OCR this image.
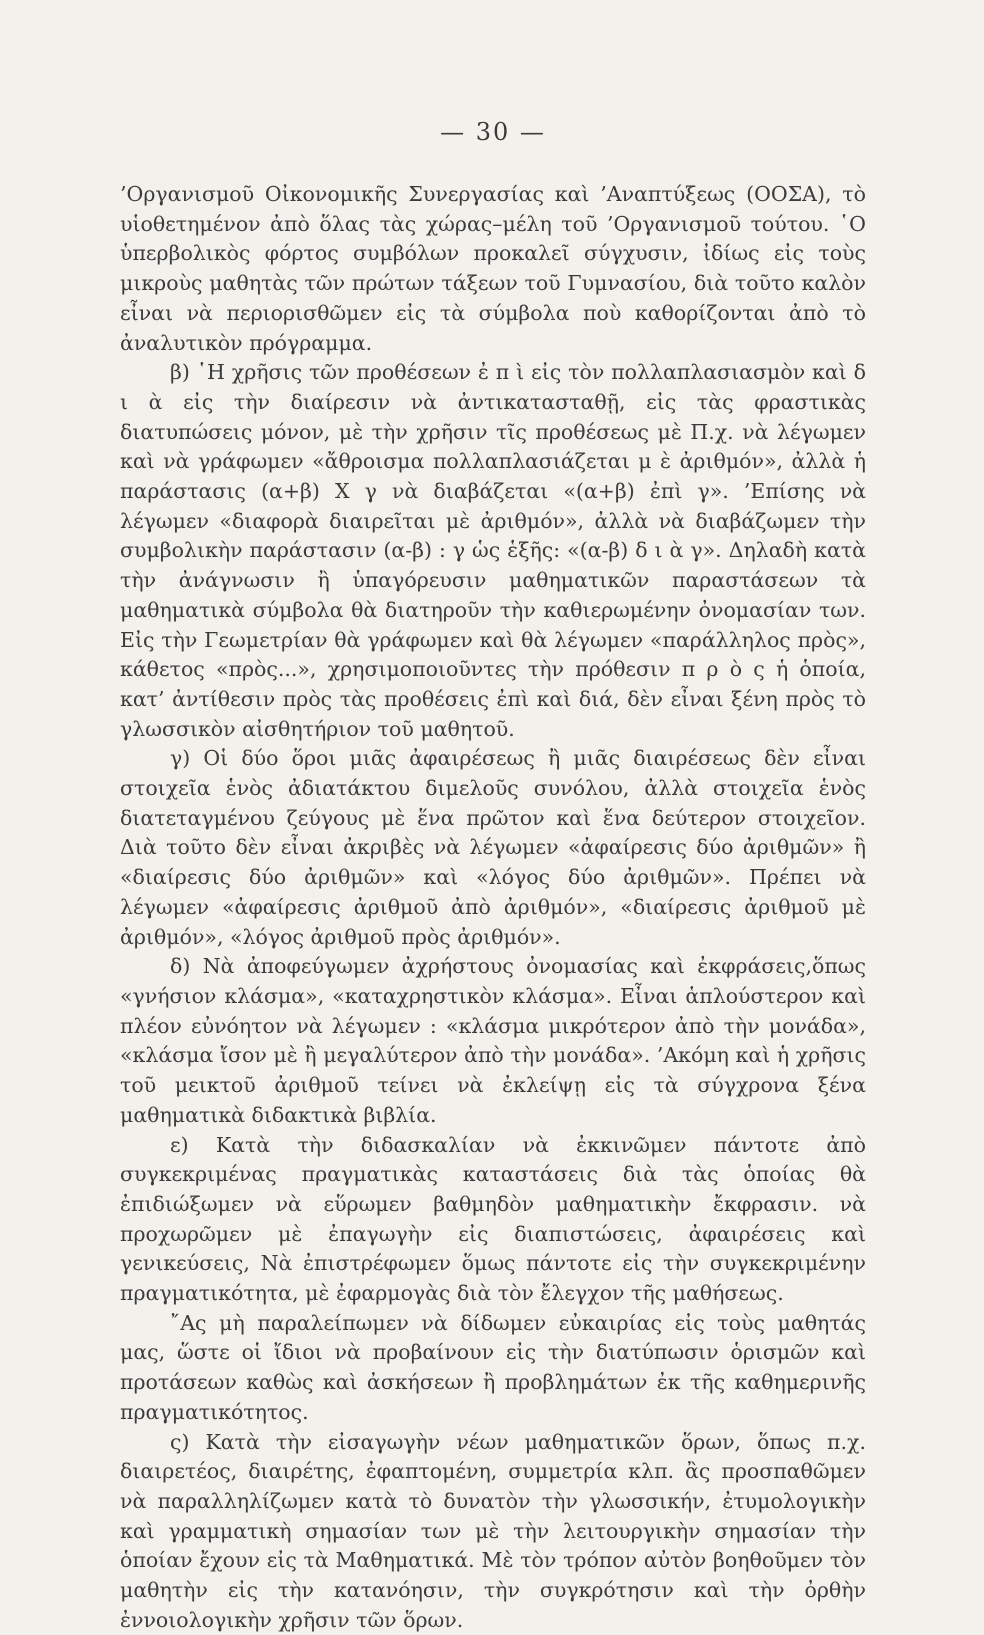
— 30 —

’Οργανισμοῦ Οἰκονομικῆς Συνεργασίας καὶ ’Αναπτύξεως (ΟΟΣΑ), τὸ υἱοθετημένον ἀπὸ ὅλας τὰς χώρας–μέλη τοῦ ’Οργανισμοῦ τούτου. ῾Ο ὑπερβολικὸς φόρτος συμβόλων προκαλεῖ σύγχυσιν, ἰδίως εἰς τοὺς μικροὺς μαθητὰς τῶν πρώτων τάξεων τοῦ Γυμνασίου, διὰ τοῦτο καλὸν εἶναι νὰ περιορισθῶμεν εἰς τὰ σύμβολα ποὺ καθορίζονται ἀπὸ τὸ ἀναλυτικὸν πρόγραμμα.

β) ῾Η χρῆσις τῶν προθέσεων ἐ π ὶ εἰς τὸν πολλαπλασιασμὸν καὶ δ ι ὰ εἰς τὴν διαίρεσιν νὰ ἀντικατασταθῇ, εἰς τὰς φραστικὰς διατυπώσεις μόνον, μὲ τὴν χρῆσιν τῖς προθέσεως μὲ Π.χ. νὰ λέγωμεν καὶ νὰ γράφωμεν «ἄθροισμα πολλαπλασιάζεται μ ὲ ἀριθμόν», ἀλλὰ ἡ παράστασις (α+β) X γ νὰ διαβάζεται «(α+β) ἐπὶ γ». ’Επίσης νὰ λέγωμεν «διαφορὰ διαιρεῖται μὲ ἀριθμόν», ἀλλὰ νὰ διαβάζωμεν τὴν συμβολικὴν παράστασιν (α-β) : γ ὡς ἑξῆς: «(α-β) δ ι ὰ γ». Δηλαδὴ κατὰ τὴν ἀνάγνωσιν ἢ ὑπαγόρευσιν μαθηματικῶν παραστάσεων τὰ μαθηματικὰ σύμβολα θὰ διατηροῦν τὴν καθιερωμένην ὀνομασίαν των. Εἰς τὴν Γεωμετρίαν θὰ γράφωμεν καὶ θὰ λέγωμεν «παράλληλος πρὸς», κάθετος «πρὸς...», χρησιμοποιοῦντες τὴν πρόθεσιν π ρ ὸ ς ἡ ὁποία, κατ’ ἀντίθεσιν πρὸς τὰς προθέσεις ἐπὶ καὶ διά, δὲν εἶναι ξένη πρὸς τὸ γλωσσικὸν αἰσθητήριον τοῦ μαθητοῦ.

γ) Οἱ δύο ὅροι μιᾶς ἀφαιρέσεως ἢ μιᾶς διαιρέσεως δὲν εἶναι στοιχεῖα ἑνὸς ἀδιατάκτου διμελοῦς συνόλου, ἀλλὰ στοιχεῖα ἑνὸς διατεταγμένου ζεύγους μὲ ἕνα πρῶτον καὶ ἕνα δεύτερον στοιχεῖον. Διὰ τοῦτο δὲν εἶναι ἀκριβὲς νὰ λέγωμεν «ἀφαίρεσις δύο ἀριθμῶν» ἢ «διαίρεσις δύο ἀριθμῶν» καὶ «λόγος δύο ἀριθμῶν». Πρέπει νὰ λέγωμεν «ἀφαίρεσις ἀριθμοῦ ἀπὸ ἀριθμόν», «διαίρεσις ἀριθμοῦ μὲ ἀριθμόν», «λόγος ἀριθμοῦ πρὸς ἀριθμόν».

δ) Νὰ ἀποφεύγωμεν ἀχρήστους ὀνομασίας καὶ ἐκφράσεις,ὅπως «γνήσιον κλάσμα», «καταχρηστικὸν κλάσμα». Εἶναι ἁπλούστερον καὶ πλέον εὐνόητον νὰ λέγωμεν : «κλάσμα μικρότερον ἀπὸ τὴν μονάδα», «κλάσμα ἴσον μὲ ἢ μεγαλύτερον ἀπὸ τὴν μονάδα». ’Ακόμη καὶ ἡ χρῆσις τοῦ μεικτοῦ ἀριθμοῦ τείνει νὰ ἐκλείψῃ εἰς τὰ σύγχρονα ξένα μαθηματικὰ διδακτικὰ βιβλία.

ε) Κατὰ τὴν διδασκαλίαν νὰ ἐκκινῶμεν πάντοτε ἀπὸ συγκεκριμένας πραγματικὰς καταστάσεις διὰ τὰς ὁποίας θὰ ἐπιδιώξωμεν νὰ εὕρωμεν βαθμηδὸν μαθηματικὴν ἔκφρασιν. νὰ προχωρῶμεν μὲ ἐπαγωγὴν εἰς διαπιστώσεις, ἀφαιρέσεις καὶ γενικεύσεις, Νὰ ἐπιστρέφωμεν ὅμως πάντοτε εἰς τὴν συγκεκριμένην πραγματικότητα, μὲ ἐφαρμογὰς διὰ τὸν ἔλεγχον τῆς μαθήσεως.

῎Ας μὴ παραλείπωμεν νὰ δίδωμεν εὐκαιρίας εἰς τοὺς μαθητάς μας, ὥστε οἱ ἴδιοι νὰ προβαίνουν εἰς τὴν διατύπωσιν ὁρισμῶν καὶ προτάσεων καθὼς καὶ ἀσκήσεων ἢ προβλημάτων ἐκ τῆς καθημερινῆς πραγματικότητος.

ς) Κατὰ τὴν εἰσαγωγὴν νέων μαθηματικῶν ὅρων, ὅπως π.χ. διαιρετέος, διαιρέτης, ἐφαπτομένη, συμμετρία κλπ. ἂς προσπαθῶμεν νὰ παραλληλίζωμεν κατὰ τὸ δυνατὸν τὴν γλωσσικήν, ἐτυμολογικὴν καὶ γραμματικὴ σημασίαν των μὲ τὴν λειτουργικὴν σημασίαν τὴν ὁποίαν ἔχουν εἰς τὰ Μαθηματικά. Μὲ τὸν τρόπον αὐτὸν βοηθοῦμεν τὸν μαθητὴν εἰς τὴν κατανόησιν, τὴν συγκρότησιν καὶ τὴν ὀρθὴν ἐννοιολογικὴν χρῆσιν τῶν ὅρων.
